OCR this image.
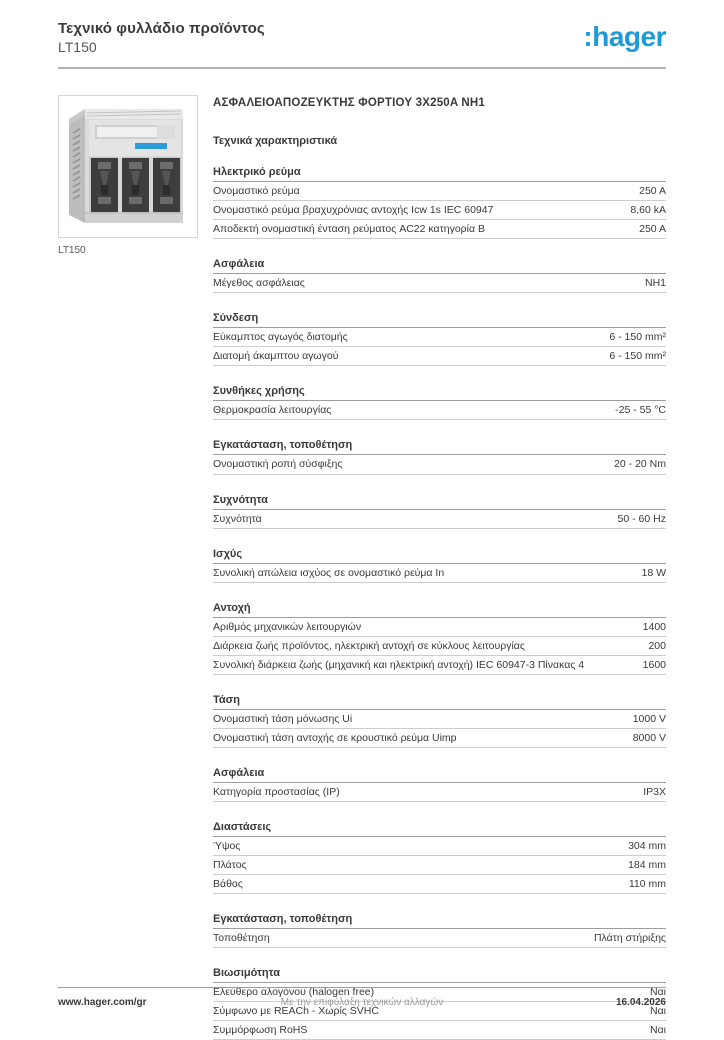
Τεχνικό φυλλάδιο προϊόντος
LT150	:hager
LT150
ΑΣΦΑΛΕΙΟΑΠΟΖΕΥΚΤΗΣ ΦΟΡΤΙΟΥ 3X250A NH1
Τεχνικά χαρακτηριστικά
Ηλεκτρικό ρεύμα
Ονομαστικό ρεύμα	250 A
Ονομαστικό ρεύμα βραχυχρόνιας αντοχής Icw 1s IEC 60947	8,60 kA
Αποδεκτή ονομαστική ένταση ρεύματος AC22 κατηγορία B	250 A
Ασφάλεια
Μέγεθος ασφάλειας	NH1
Σύνδεση
Εύκαμπτος αγωγός διατομής	6 - 150 mm²
Διατομή άκαμπτου αγωγού	6 - 150 mm²
Συνθήκες χρήσης
Θερμοκρασία λειτουργίας	-25 - 55 °C
Εγκατάσταση, τοποθέτηση
Ονομαστική ροπή σύσφιξης	20 - 20 Nm
Συχνότητα
Συχνότητα	50 - 60 Hz
Ισχύς
Συνολική απώλεια ισχύος σε ονομαστικό ρεύμα In	18 W
Αντοχή
Αριθμός μηχανικών λειτουργιών	1400
Διάρκεια ζωής προϊόντος, ηλεκτρική αντοχή σε κύκλους λειτουργίας	200
Συνολική διάρκεια ζωής (μηχανική και ηλεκτρική αντοχή) IEC 60947-3 Πίνακας 4	1600
Τάση
Ονομαστική τάση μόνωσης Ui	1000 V
Ονομαστική τάση αντοχής σε κρουστικό ρεύμα Uimp	8000 V
Ασφάλεια
Κατηγορία προστασίας (IP)	IP3X
Διαστάσεις
Ύψος	304 mm
Πλάτος	184 mm
Βάθος	110 mm
Εγκατάσταση, τοποθέτηση
Τοποθέτηση	Πλάτη στήριξης
Βιωσιμότητα
Ελεύθερο αλογόνου (halogen free)	Ναι
Σύμφωνο με REACh - Χωρίς SVHC	Ναι
Συμμόρφωση RoHS	Ναι
www.hager.com/gr	Με την επιφύλαξη τεχνικών αλλαγών	16.04.2026
